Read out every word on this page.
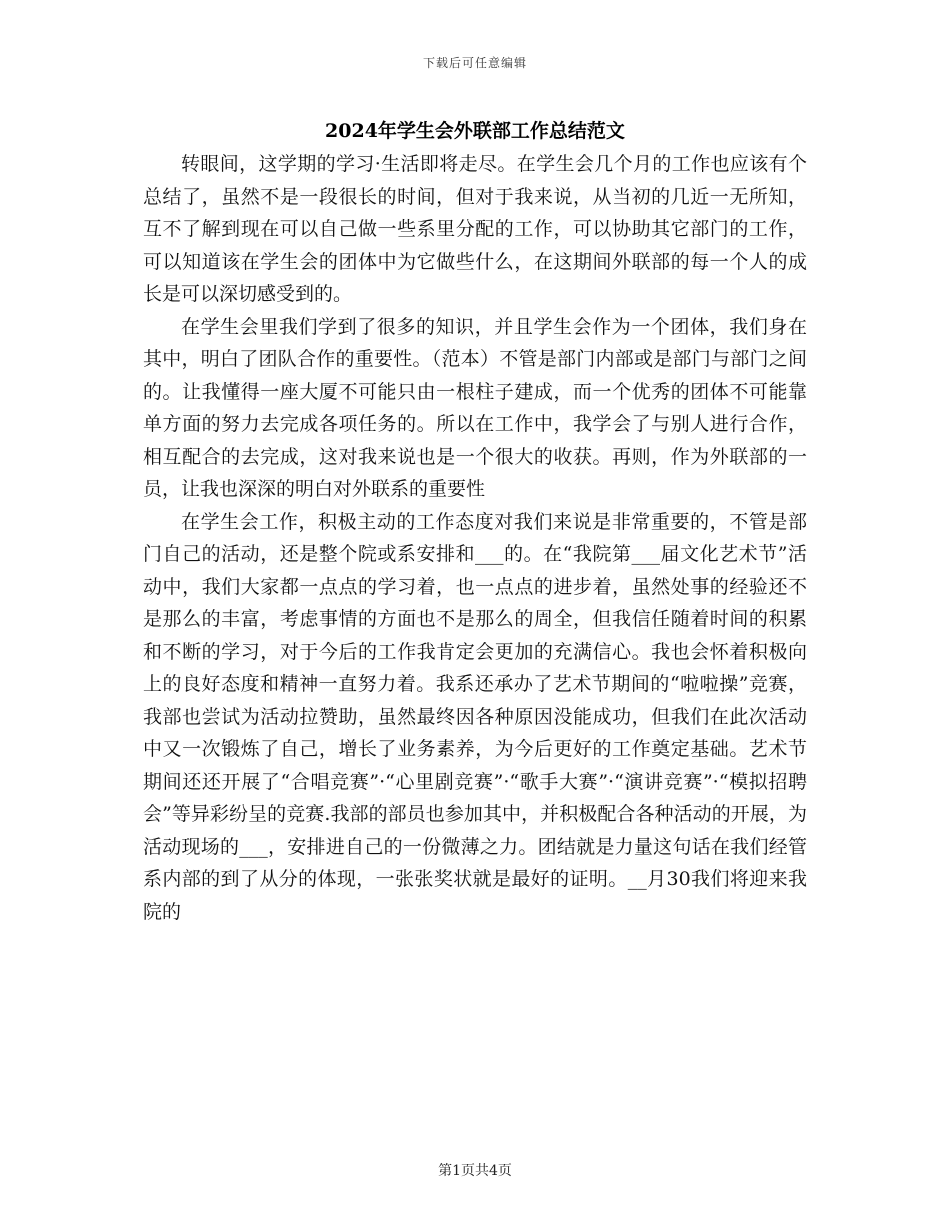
下载后可任意编辑
2024年学生会外联部工作总结范文

转眼间，这学期的学习·生活即将走尽。在学生会几个月的工作也应该有个总结了，虽然不是一段很长的时间，但对于我来说，从当初的几近一无所知，互不了解到现在可以自己做一些系里分配的工作，可以协助其它部门的工作，可以知道该在学生会的团体中为它做些什么，在这期间外联部的每一个人的成长是可以深切感受到的。

在学生会里我们学到了很多的知识，并且学生会作为一个团体，我们身在其中，明白了团队合作的重要性。（范本）不管是部门内部或是部门与部门之间的。让我懂得一座大厦不可能只由一根柱子建成，而一个优秀的团体不可能靠单方面的努力去完成各项任务的。所以在工作中，我学会了与别人进行合作，相互配合的去完成，这对我来说也是一个很大的收获。再则，作为外联部的一员，让我也深深的明白对外联系的重要性

在学生会工作，积极主动的工作态度对我们来说是非常重要的，不管是部门自己的活动，还是整个院或系安排和___的。在“我院第___届文化艺术节”活动中，我们大家都一点点的学习着，也一点点的进步着，虽然处事的经验还不是那么的丰富，考虑事情的方面也不是那么的周全，但我信任随着时间的积累和不断的学习，对于今后的工作我肯定会更加的充满信心。我也会怀着积极向上的良好态度和精神一直努力着。我系还承办了艺术节期间的“啦啦操”竞赛，我部也尝试为活动拉赞助，虽然最终因各种原因没能成功，但我们在此次活动中又一次锻炼了自己，增长了业务素养，为今后更好的工作奠定基础。艺术节期间还还开展了“合唱竞赛”·“心里剧竞赛”·“歌手大赛”·“演讲竞赛”·“模拟招聘会”等异彩纷呈的竞赛.我部的部员也参加其中，并积极配合各种活动的开展，为活动现场的___，安排进自己的一份微薄之力。团结就是力量这句话在我们经管系内部的到了从分的体现，一张张奖状就是最好的证明。__月30我们将迎来我院的

第1页共4页
